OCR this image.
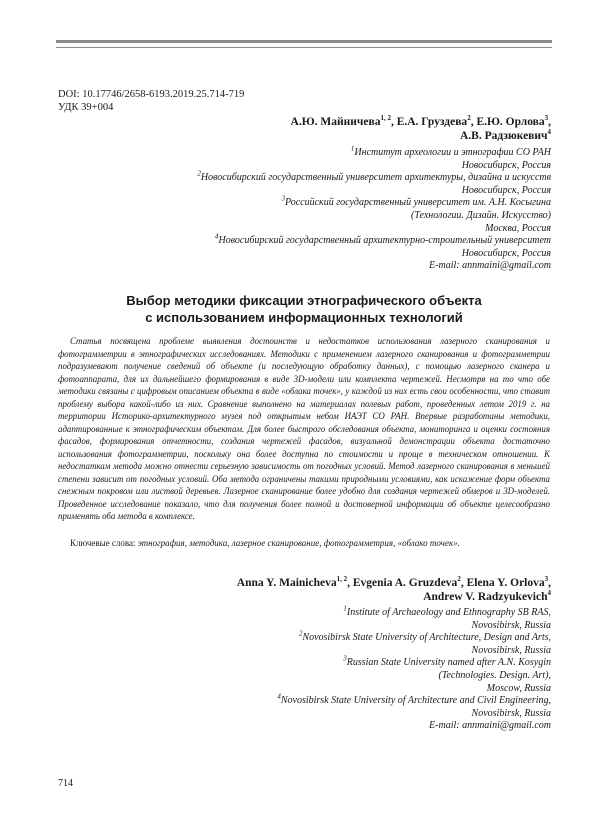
DOI: 10.17746/2658-6193.2019.25.714-719
УДК 39+004
А.Ю. Майничева$^{1, 2}$, Е.А. Груздева$^2$, Е.Ю. Орлова$^3$,
А.В. Радзюкевич$^4$
$^1$Институт археологии и этнографии СО РАН
Новосибирск, Россия
$^2$Новосибирский государственный университет архитектуры, дизайна и искусств
Новосибирск, Россия
$^3$Российский государственный университет им. А.Н. Косыгина
(Технологии. Дизайн. Искусство)
Москва, Россия
$^4$Новосибирский государственный архитектурно-строительный университет
Новосибирск, Россия
E-mail: annmaini@gmail.com
Выбор методики фиксации этнографического объекта
с использованием информационных технологий

Статья посвящена проблеме выявления достоинств и недостатков использования лазерного сканирования и фотограмметрии в этнографических исследованиях. Методики с применением лазерного сканирования и фотограмметрии подразумевают получение сведений об объекте (и последующую обработку данных), с помощью лазерного сканера и фотоаппарата, для их дальнейшего формирования в виде 3D-модели или комплекта чертежей. Несмотря на то что обе методики связаны с цифровым описанием объекта в виде «облака точек», у каждой из них есть свои особенности, что ставит проблему выбора какой-либо из них. Сравнение выполнено на материалах полевых работ, проведенных летом 2019 г. на территории Историко-архитектурного музея под открытым небом ИАЭТ СО РАН. Впервые разработаны методики, адаптированные к этнографическим объектам. Для более быстрого обследования объекта, мониторинга и оценки состояния фасадов, формирования отчетности, создания чертежей фасадов, визуальной демонстрации объекта достаточно использования фотограмметрии, поскольку она более доступна по стоимости и проще в техническом отношении. К недостаткам метода можно отнести серьезную зависимость от погодных условий. Метод лазерного сканирования в меньшей степени зависит от погодных условий. Оба метода ограничены такими природными условиями, как искажение форм объекта снежным покровом или листвой деревьев. Лазерное сканирование более удобно для создания чертежей обмеров и 3D-моделей. Проведенное исследование показало, что для получения более полной и достоверной информации об объекте целесообразно применять оба метода в комплексе.

Ключевые слова: этнография, методика, лазерное сканирование, фотограмметрия, «облако точек».
Anna Y. Mainicheva$^{1, 2}$, Evgenia A. Gruzdeva$^2$, Elena Y. Orlova$^3$,
Andrew V. Radzyukevich$^4$
$^1$Institute of Archaeology and Ethnography SB RAS,
Novosibirsk, Russia
$^2$Novosibirsk State University of Architecture, Design and Arts,
Novosibirsk, Russia
$^3$Russian State University named after A.N. Kosygin
(Technologies. Design. Art),
Moscow, Russia
$^4$Novosibirsk State University of Architecture and Civil Engineering,
Novosibirsk, Russia
E-mail: annmaini@gmail.com
714
